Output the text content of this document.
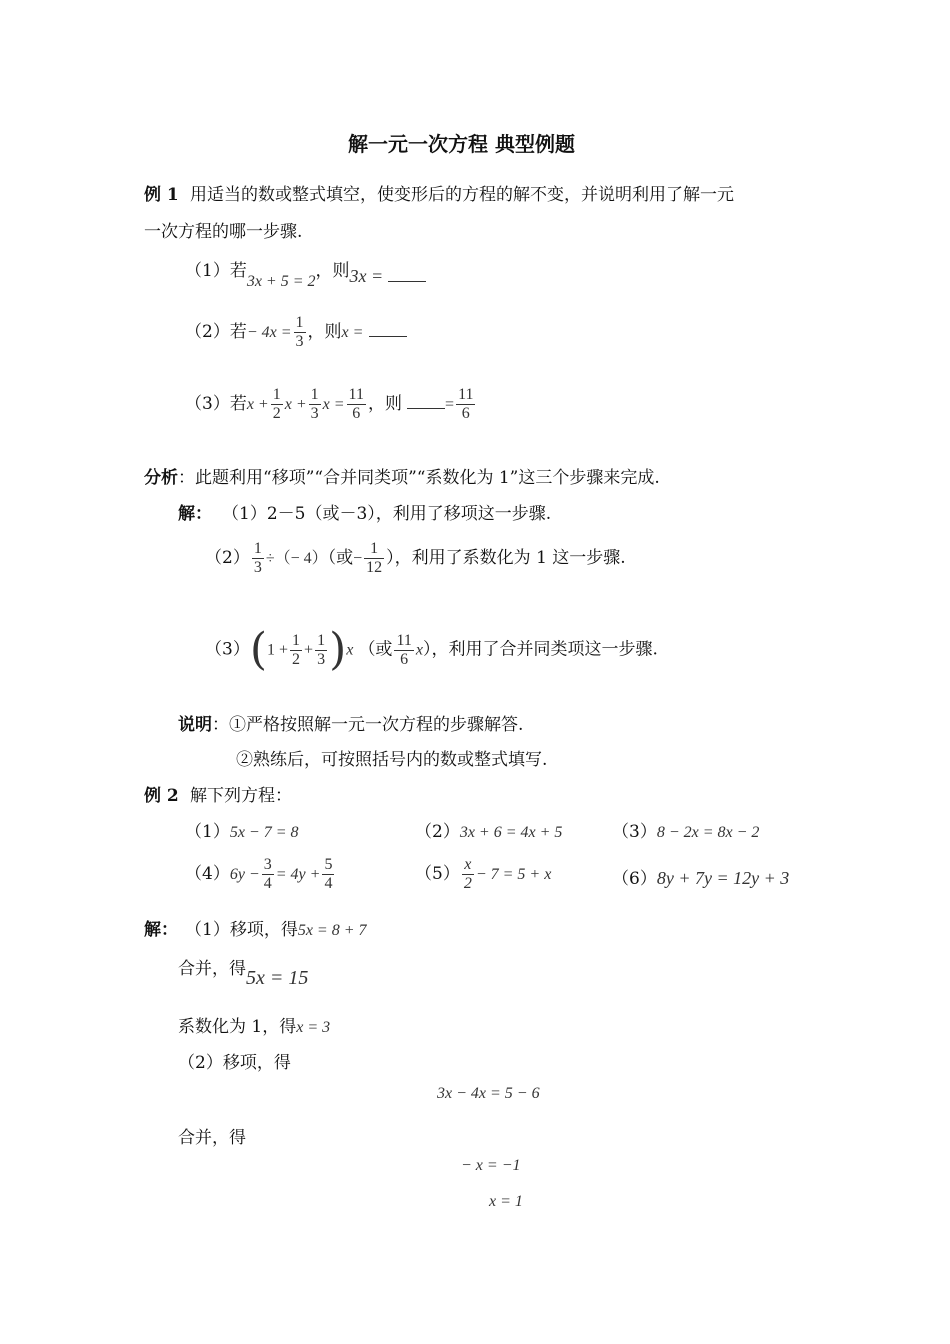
解一元一次方程 典型例题
例 1 用适当的数或整式填空，使变形后的方程的解不变，并说明利用了解一元
一次方程的哪一步骤.
（1）若3x + 5 = 2，则3x =
（2）若− $4x = \frac{1}{3}$ ，则x =
（3）若$x + \frac{1}{2}$ $x + \frac{1}{3}$ $x = \frac{11}{6}$ ，则	= $\frac{11}{6}$
分析：此题利用“移项”“合并同类项”“系数化为 1”这三个步骤来完成.
解： （1）2－5（或－3），利用了移项这一步骤.
$(2) \frac{1}{3}$ ÷（− 4）（或− $\frac{1}{12}$ ），利用了系数化为 1 这一步骤.
$(3)(1 + \frac{1}{2} + \frac{1}{3} )x$ （或 $\frac{11}{6} x$），利用了合并同类项这一步骤.
说明：①严格按照解一元一次方程的步骤解答.
②熟练后，可按照括号内的数或整式填写.
例 2 解下列方程：
（1）5x − 7 = 8	（2）3x + 6 = 4x + 5	（3）8 − 2x = 8x − 2
$(4)6y - \frac{3}{4} = 4y + \frac{5}{4}$	$(5) \frac{x}{2} - 7 = 5 + x$	（6）8y + 7y = 12y + 3
解： （1）移项，得5x = 8 + 7
合并，得5x = 15
系数化为 1，得x = 3
（2）移项，得
3x − 4x = 5 − 6
合并，得
− x = −1
x = 1
